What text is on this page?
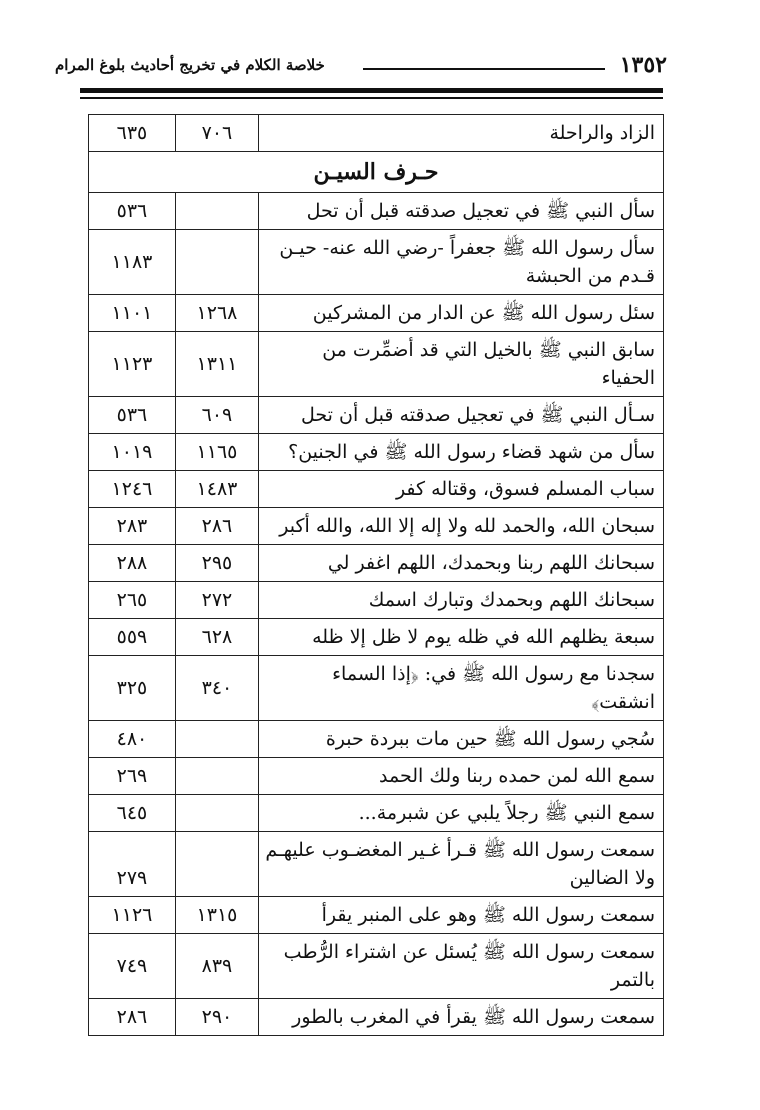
١٣٥٢
خلاصة الكلام في تخريج أحاديث بلوغ المرام
الزاد والراحلة	٧٠٦	٦٣٥
حـرف السيـن		
سأل النبي ﷺ في تعجيل صدقته قبل أن تحل		٥٣٦
سأل رسول الله ﷺ جعفراً -رضي الله عنه- حيـن قـدم من الحبشة		١١٨٣
سئل رسول الله ﷺ عن الدار من المشركين	١٢٦٨	١١٠١
سابق النبي ﷺ بالخيل التي قد أضمِّرت من الحفياء	١٣١١	١١٢٣
سـأل النبي ﷺ في تعجيل صدقته قبل أن تحل	٦٠٩	٥٣٦
سأل من شهد قضاء رسول الله ﷺ في الجنين؟	١١٦٥	١٠١٩
سباب المسلم فسوق، وقتاله كفر	١٤٨٣	١٢٤٦
سبحان الله، والحمد لله ولا إله إلا الله، والله أكبر	٢٨٦	٢٨٣
سبحانك اللهم ربنا وبحمدك، اللهم اغفر لي	٢٩٥	٢٨٨
سبحانك اللهم وبحمدك وتبارك اسمك	٢٧٢	٢٦٥
سبعة يظلهم الله في ظله يوم لا ظل إلا ظله	٦٢٨	٥٥٩
سجدنا مع رسول الله ﷺ في: ﴿إذا السماء انشقت﴾	٣٤٠	٣٢٥
سُجي رسول الله ﷺ حين مات ببردة حبرة		٤٨٠
سمع الله لمن حمده ربنا ولك الحمد		٢٦٩
سمع النبي ﷺ رجلاً يلبي عن شبرمة...		٦٤٥
سمعت رسول الله ﷺ قـرأ غـير المغضـوب عليهـم ولا الضالين		٢٧٩
سمعت رسول الله ﷺ وهو على المنبر يقرأ	١٣١٥	١١٢٦
سمعت رسول الله ﷺ يُسئل عن اشتراء الرُّطب بالتمر	٨٣٩	٧٤٩
سمعت رسول الله ﷺ يقرأ في المغرب بالطور	٢٩٠	٢٨٦
